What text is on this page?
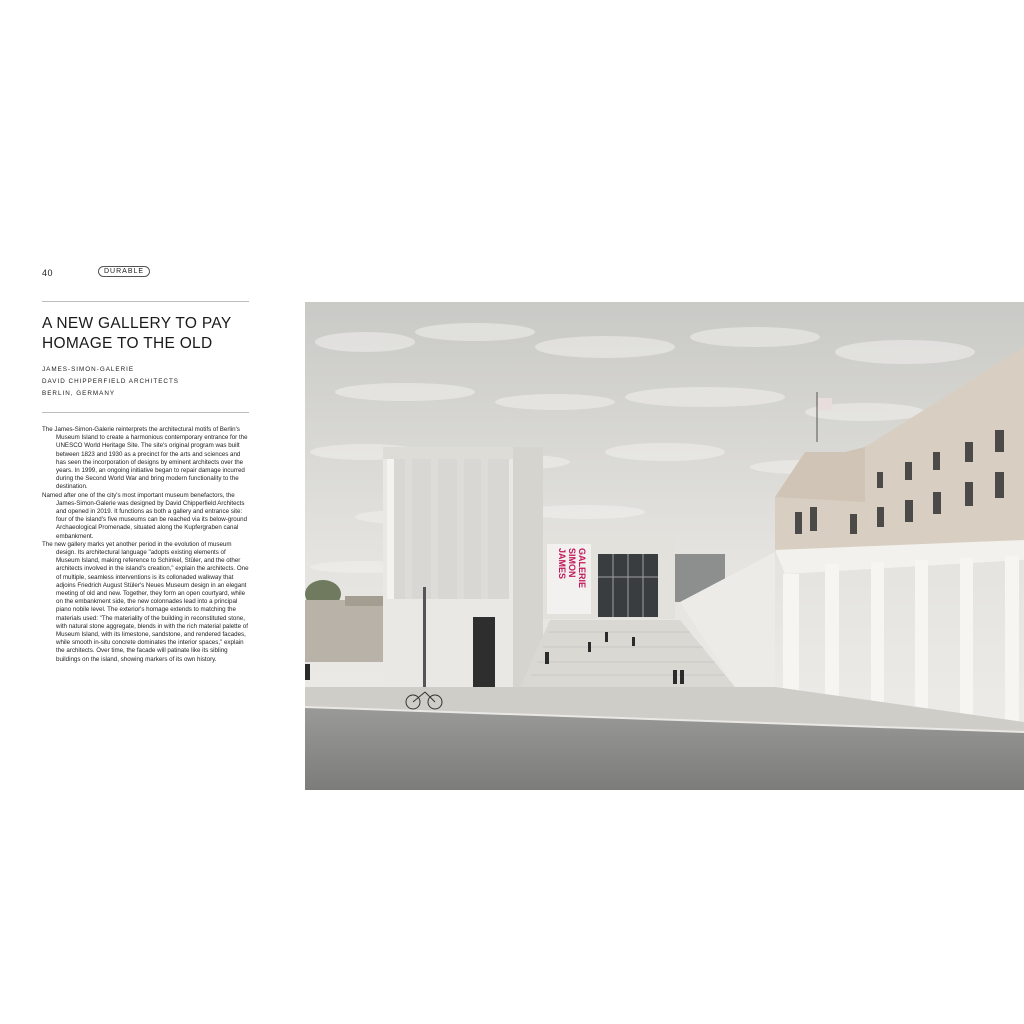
40	DURABLE
A NEW GALLERY TO PAY HOMAGE TO THE OLD
JAMES-SIMON-GALERIE
DAVID CHIPPERFIELD ARCHITECTS
BERLIN, GERMANY

The James-Simon-Galerie reinterprets the architectural motifs of Berlin's Museum Island to create a harmonious contemporary entrance for the UNESCO World Heritage Site. The site's original program was built between 1823 and 1930 as a precinct for the arts and sciences and has seen the incorporation of designs by eminent architects over the years. In 1999, an ongoing initiative began to repair damage incurred during the Second World War and bring modern functionality to the destination.

Named after one of the city's most important museum benefactors, the James-Simon-Galerie was designed by David Chipperfield Architects and opened in 2019. It functions as both a gallery and entrance site: four of the island's five museums can be reached via its below-ground Archaeological Promenade, situated along the Kupfergraben canal embankment.

The new gallery marks yet another period in the evolution of museum design. Its architectural language "adopts existing elements of Museum Island, making reference to Schinkel, Stüler, and the other architects involved in the island's creation," explain the architects. One of multiple, seamless interventions is its collonaded walkway that adjoins Friedrich August Stüler's Neues Museum design in an elegant meeting of old and new. Together, they form an open courtyard, while on the embankment side, the new colonnades lead into a principal piano nobile level. The exterior's homage extends to matching the materials used: "The materiality of the building in reconstituted stone, with natural stone aggregate, blends in with the rich material palette of Museum Island, with its limestone, sandstone, and rendered facades, while smooth in-situ concrete dominates the interior spaces," explain the architects. Over time, the facade will patinate like its sibling buildings on the island, showing markers of its own history.

JAMES SIMON GALERIE
